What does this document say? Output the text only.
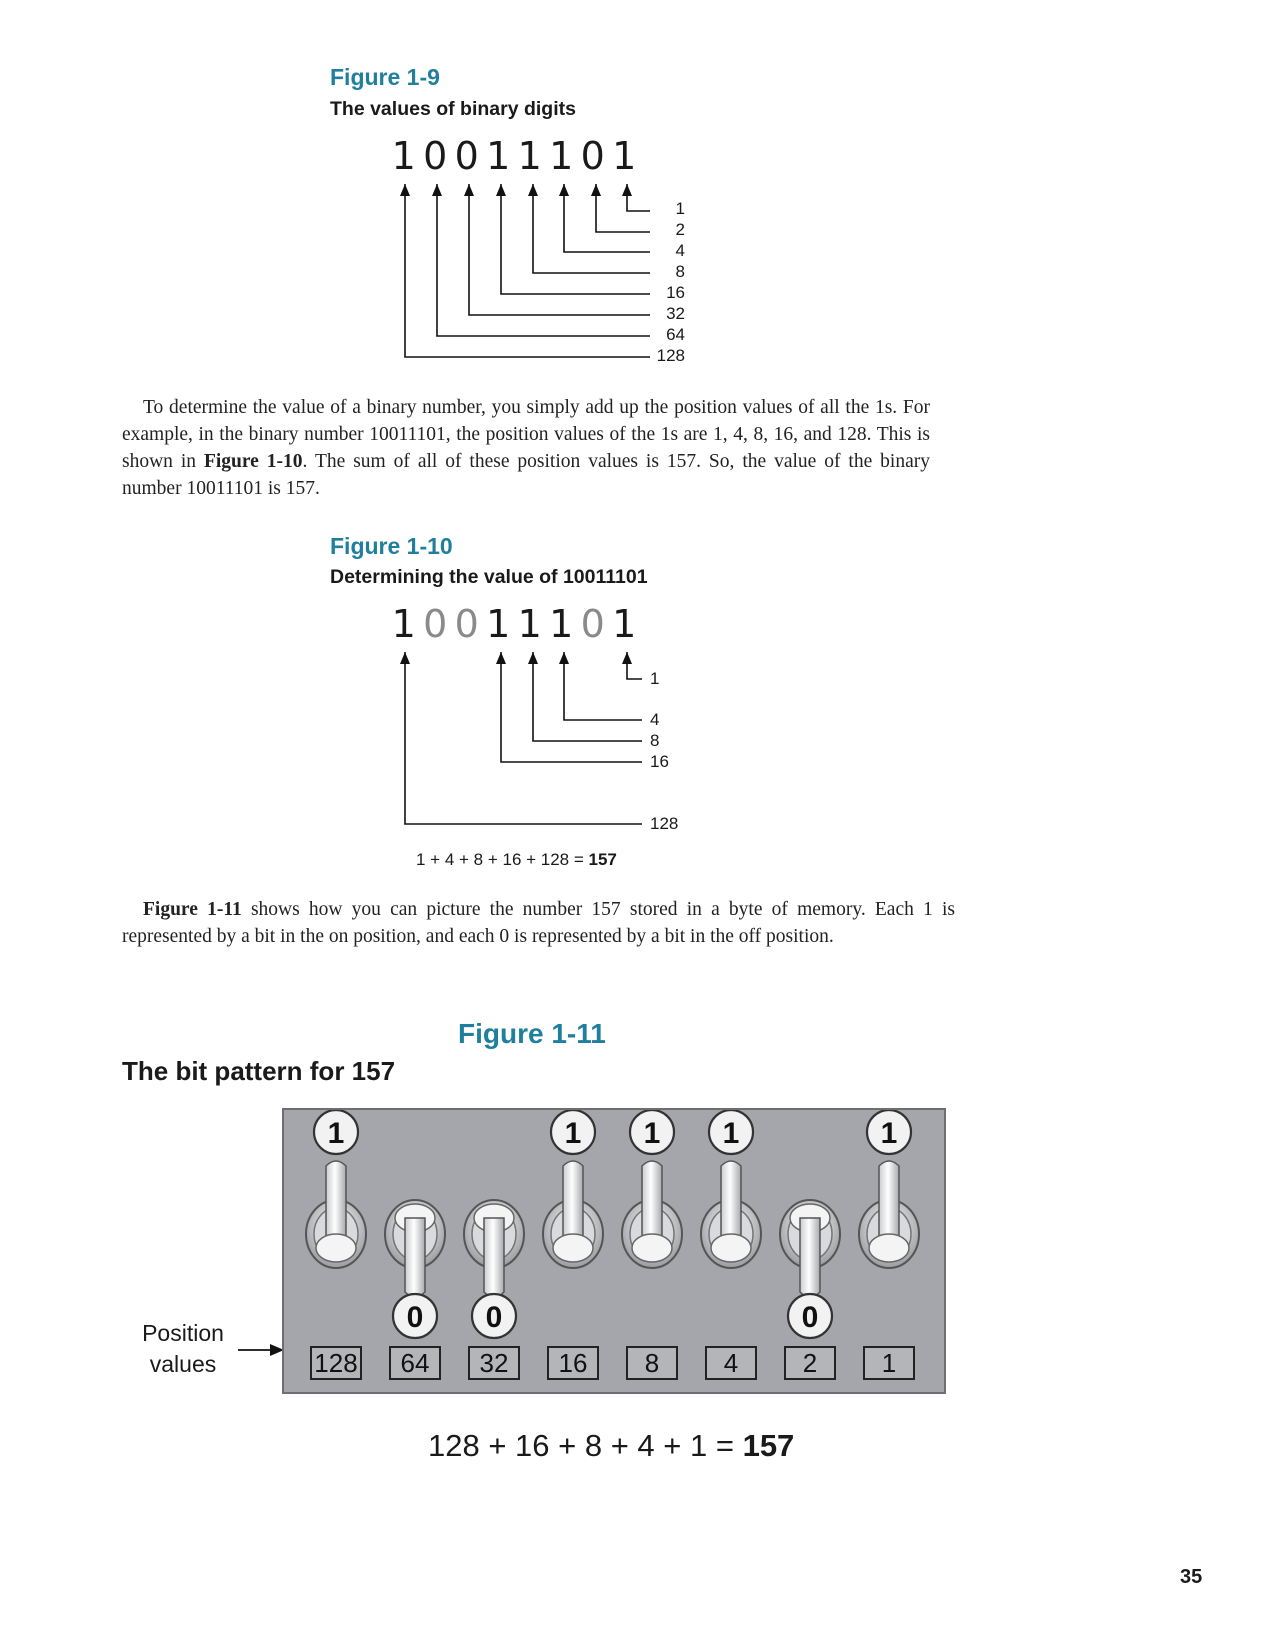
Figure 1-9
The values of binary digits
1 0 0 1 1 1 0 1
1
2
4
8
16
32
64
128
To determine the value of a binary number, you simply add up the position values of all the 1s. For example, in the binary number 10011101, the position values of the 1s are 1, 4, 8, 16, and 128. This is shown in Figure 1-10. The sum of all of these position values is 157. So, the value of the binary number 10011101 is 157.
Figure 1-10
Determining the value of 10011101
1 0 0 1 1 1 0 1
1
4
8
16
128
1 + 4 + 8 + 16 + 128 = 157
Figure 1-11 shows how you can picture the number 157 stored in a byte of memory. Each 1 is represented by a bit in the on position, and each 0 is represented by a bit in the off position.
Figure 1-11
The bit pattern for 157
Position
values
1
0 0
1 1 1
0
1
128	64	32	16	8	4	2	1
128 + 16 + 8 + 4 + 1 = 157
35
